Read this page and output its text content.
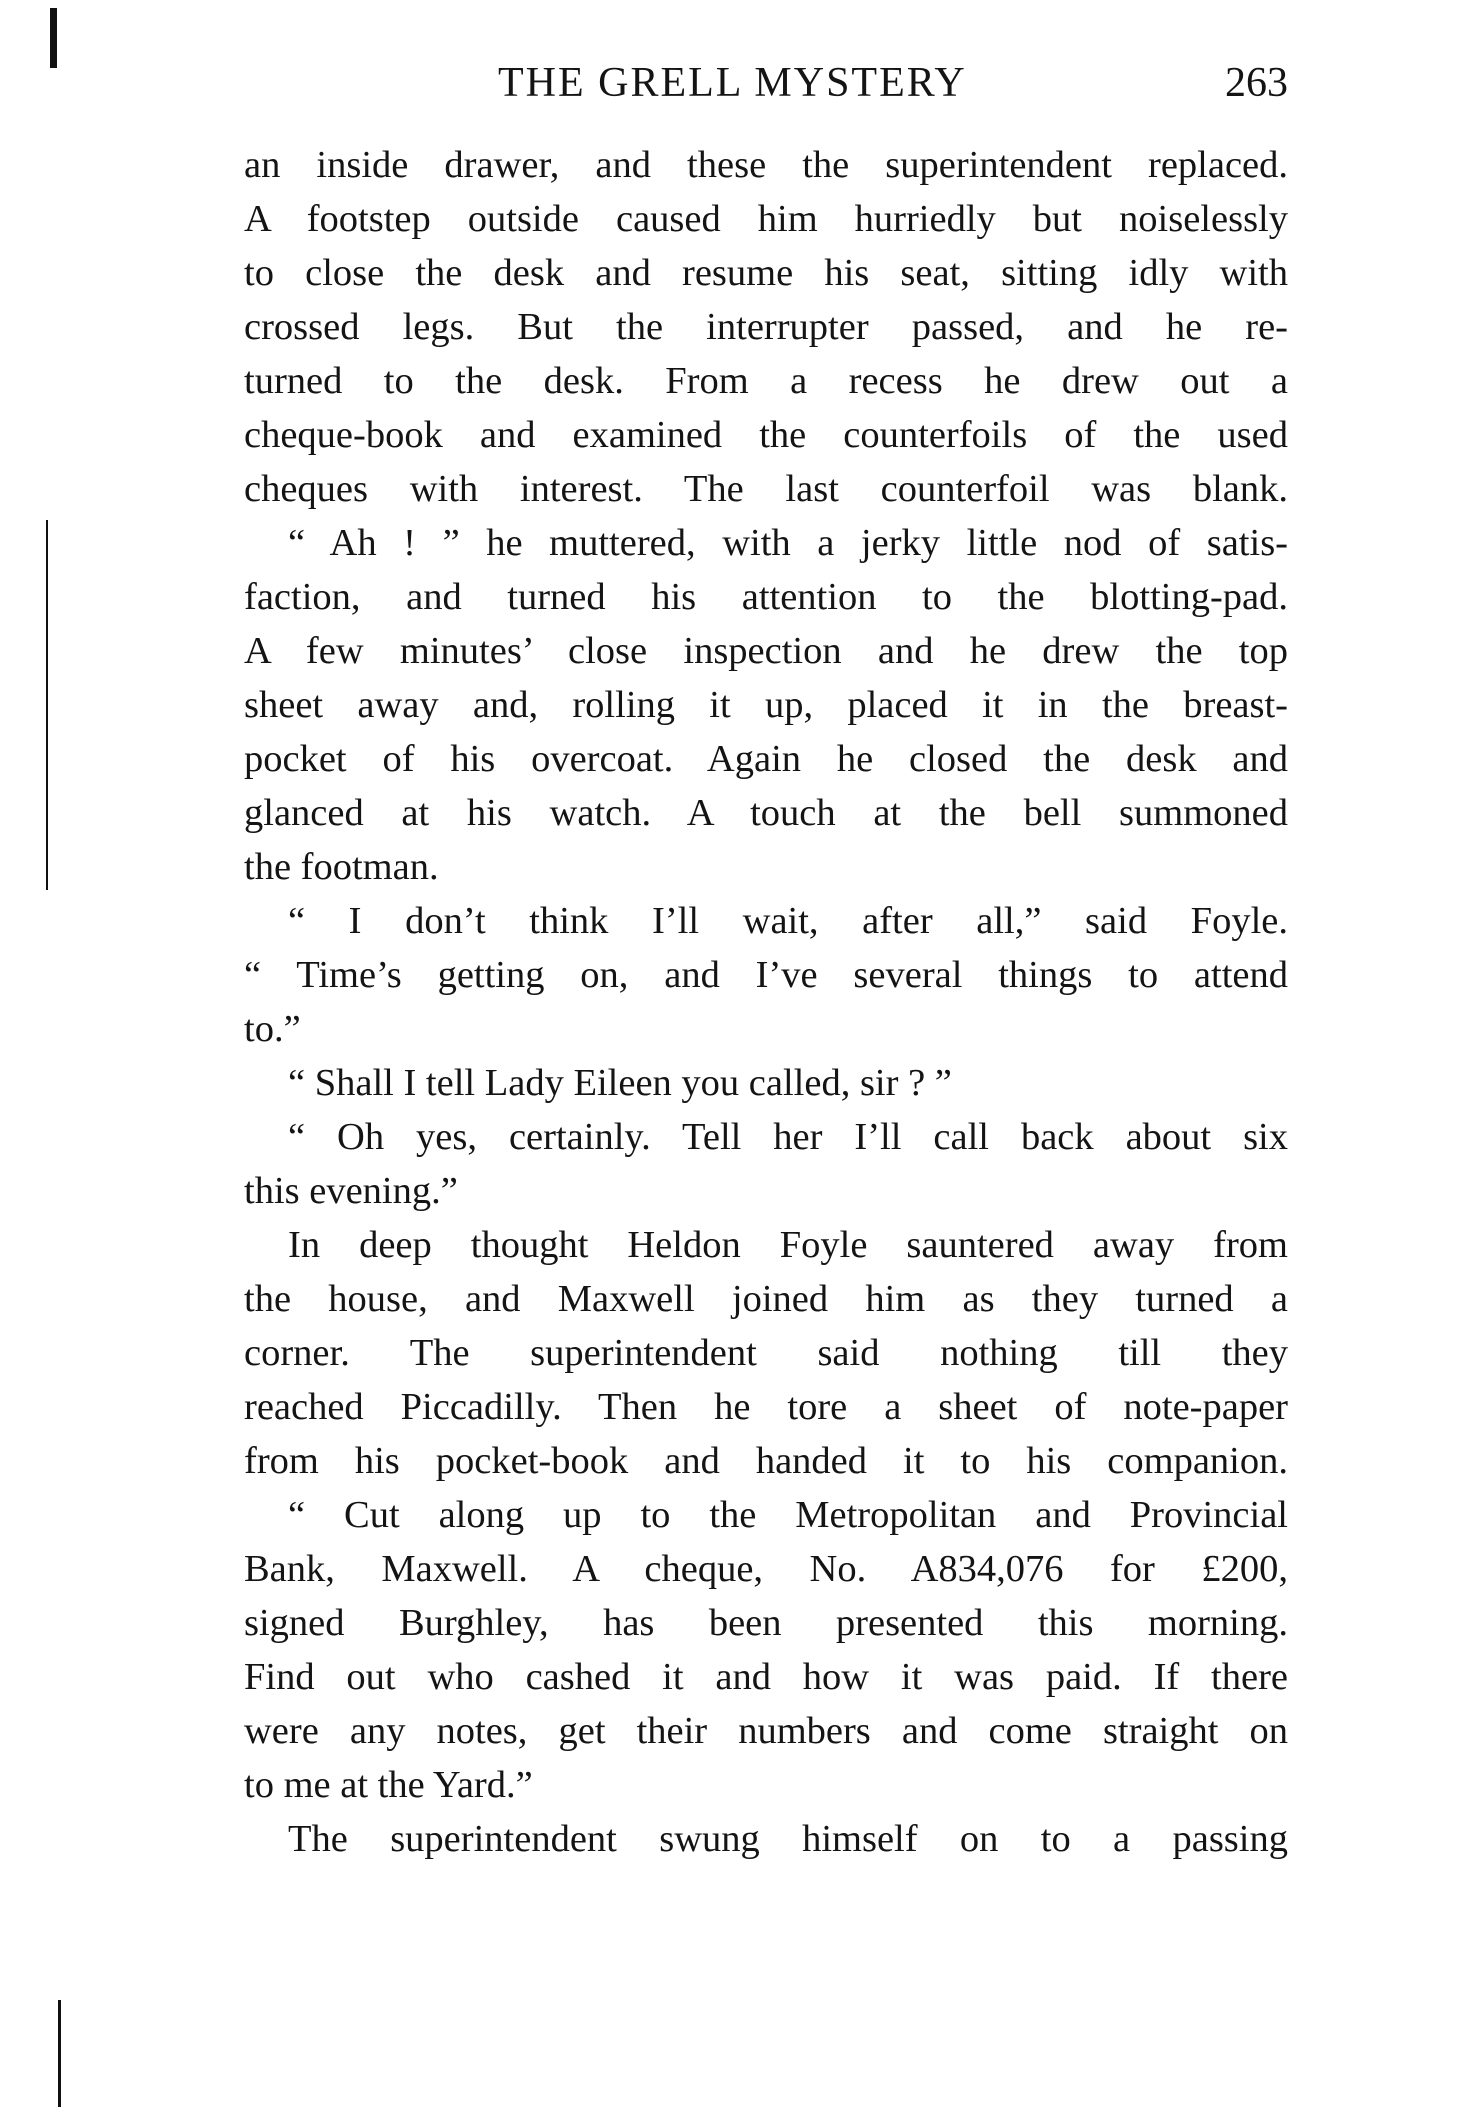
THE GRELL MYSTERY	263
an inside drawer, and these the superintendent replaced.
A footstep outside caused him hurriedly but noiselessly
to close the desk and resume his seat, sitting idly with
crossed legs. But the interrupter passed, and he re-
turned to the desk. From a recess he drew out a
cheque-book and examined the counterfoils of the used
cheques with interest. The last counterfoil was blank.
“ Ah ! ” he muttered, with a jerky little nod of satis-
faction, and turned his attention to the blotting-pad.
A few minutes’ close inspection and he drew the top
sheet away and, rolling it up, placed it in the breast-
pocket of his overcoat. Again he closed the desk and
glanced at his watch. A touch at the bell summoned
the footman.
“ I don’t think I’ll wait, after all,” said Foyle.
“ Time’s getting on, and I’ve several things to attend
to.”
“ Shall I tell Lady Eileen you called, sir ? ”
“ Oh yes, certainly. Tell her I’ll call back about six
this evening.”
In deep thought Heldon Foyle sauntered away from
the house, and Maxwell joined him as they turned a
corner. The superintendent said nothing till they
reached Piccadilly. Then he tore a sheet of note-paper
from his pocket-book and handed it to his companion.
“ Cut along up to the Metropolitan and Provincial
Bank, Maxwell. A cheque, No. A834,076 for £200,
signed Burghley, has been presented this morning.
Find out who cashed it and how it was paid. If there
were any notes, get their numbers and come straight on
to me at the Yard.”
The superintendent swung himself on to a passing
